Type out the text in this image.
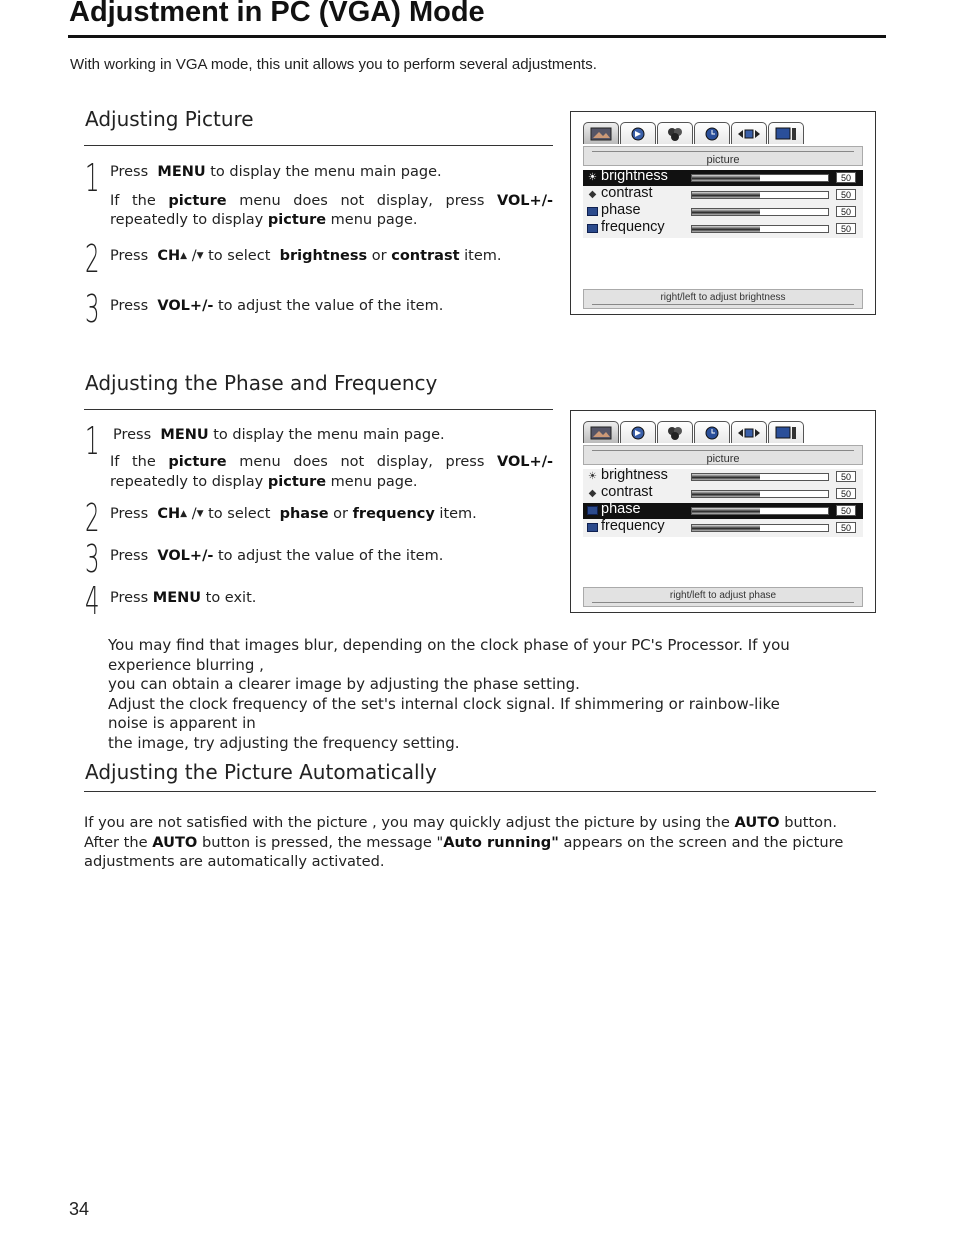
Adjustment in PC (VGA) Mode
With working in VGA mode, this unit allows you to perform several adjustments.
Adjusting Picture
1 Press MENU to display the menu main page.
If the picture menu does not display, press VOL+/-
repeatedly to display picture menu page.
2 Press CH▲ /▼ to select brightness or contrast item.
3 Press VOL+/- to adjust the value of the item.
picture
☀ brightness	50
◆ contrast	50
phase	50
frequency	50
right/left to adjust brightness
Adjusting the Phase and Frequency
1 Press MENU to display the menu main page.
If the picture menu does not display, press VOL+/-
repeatedly to display picture menu page.
2 Press CH▲ /▼ to select phase or frequency item.
3 Press VOL+/- to adjust the value of the item.
4 Press MENU to exit.
picture
☀ brightness	50
◆ contrast	50
phase	50
frequency	50
right/left to adjust phase
You may find that images blur, depending on the clock phase of your PC's Processor. If you
experience blurring ,
you can obtain a clearer image by adjusting the phase setting.
Adjust the clock frequency of the set's internal clock signal. If shimmering or rainbow-like
noise is apparent in
the image, try adjusting the frequency setting.
Adjusting the Picture Automatically
If you are not satisfied with the picture , you may quickly adjust the picture by using the AUTO button.
After the AUTO button is pressed, the message "Auto running" appears on the screen and the picture
adjustments are automatically activated.
34
